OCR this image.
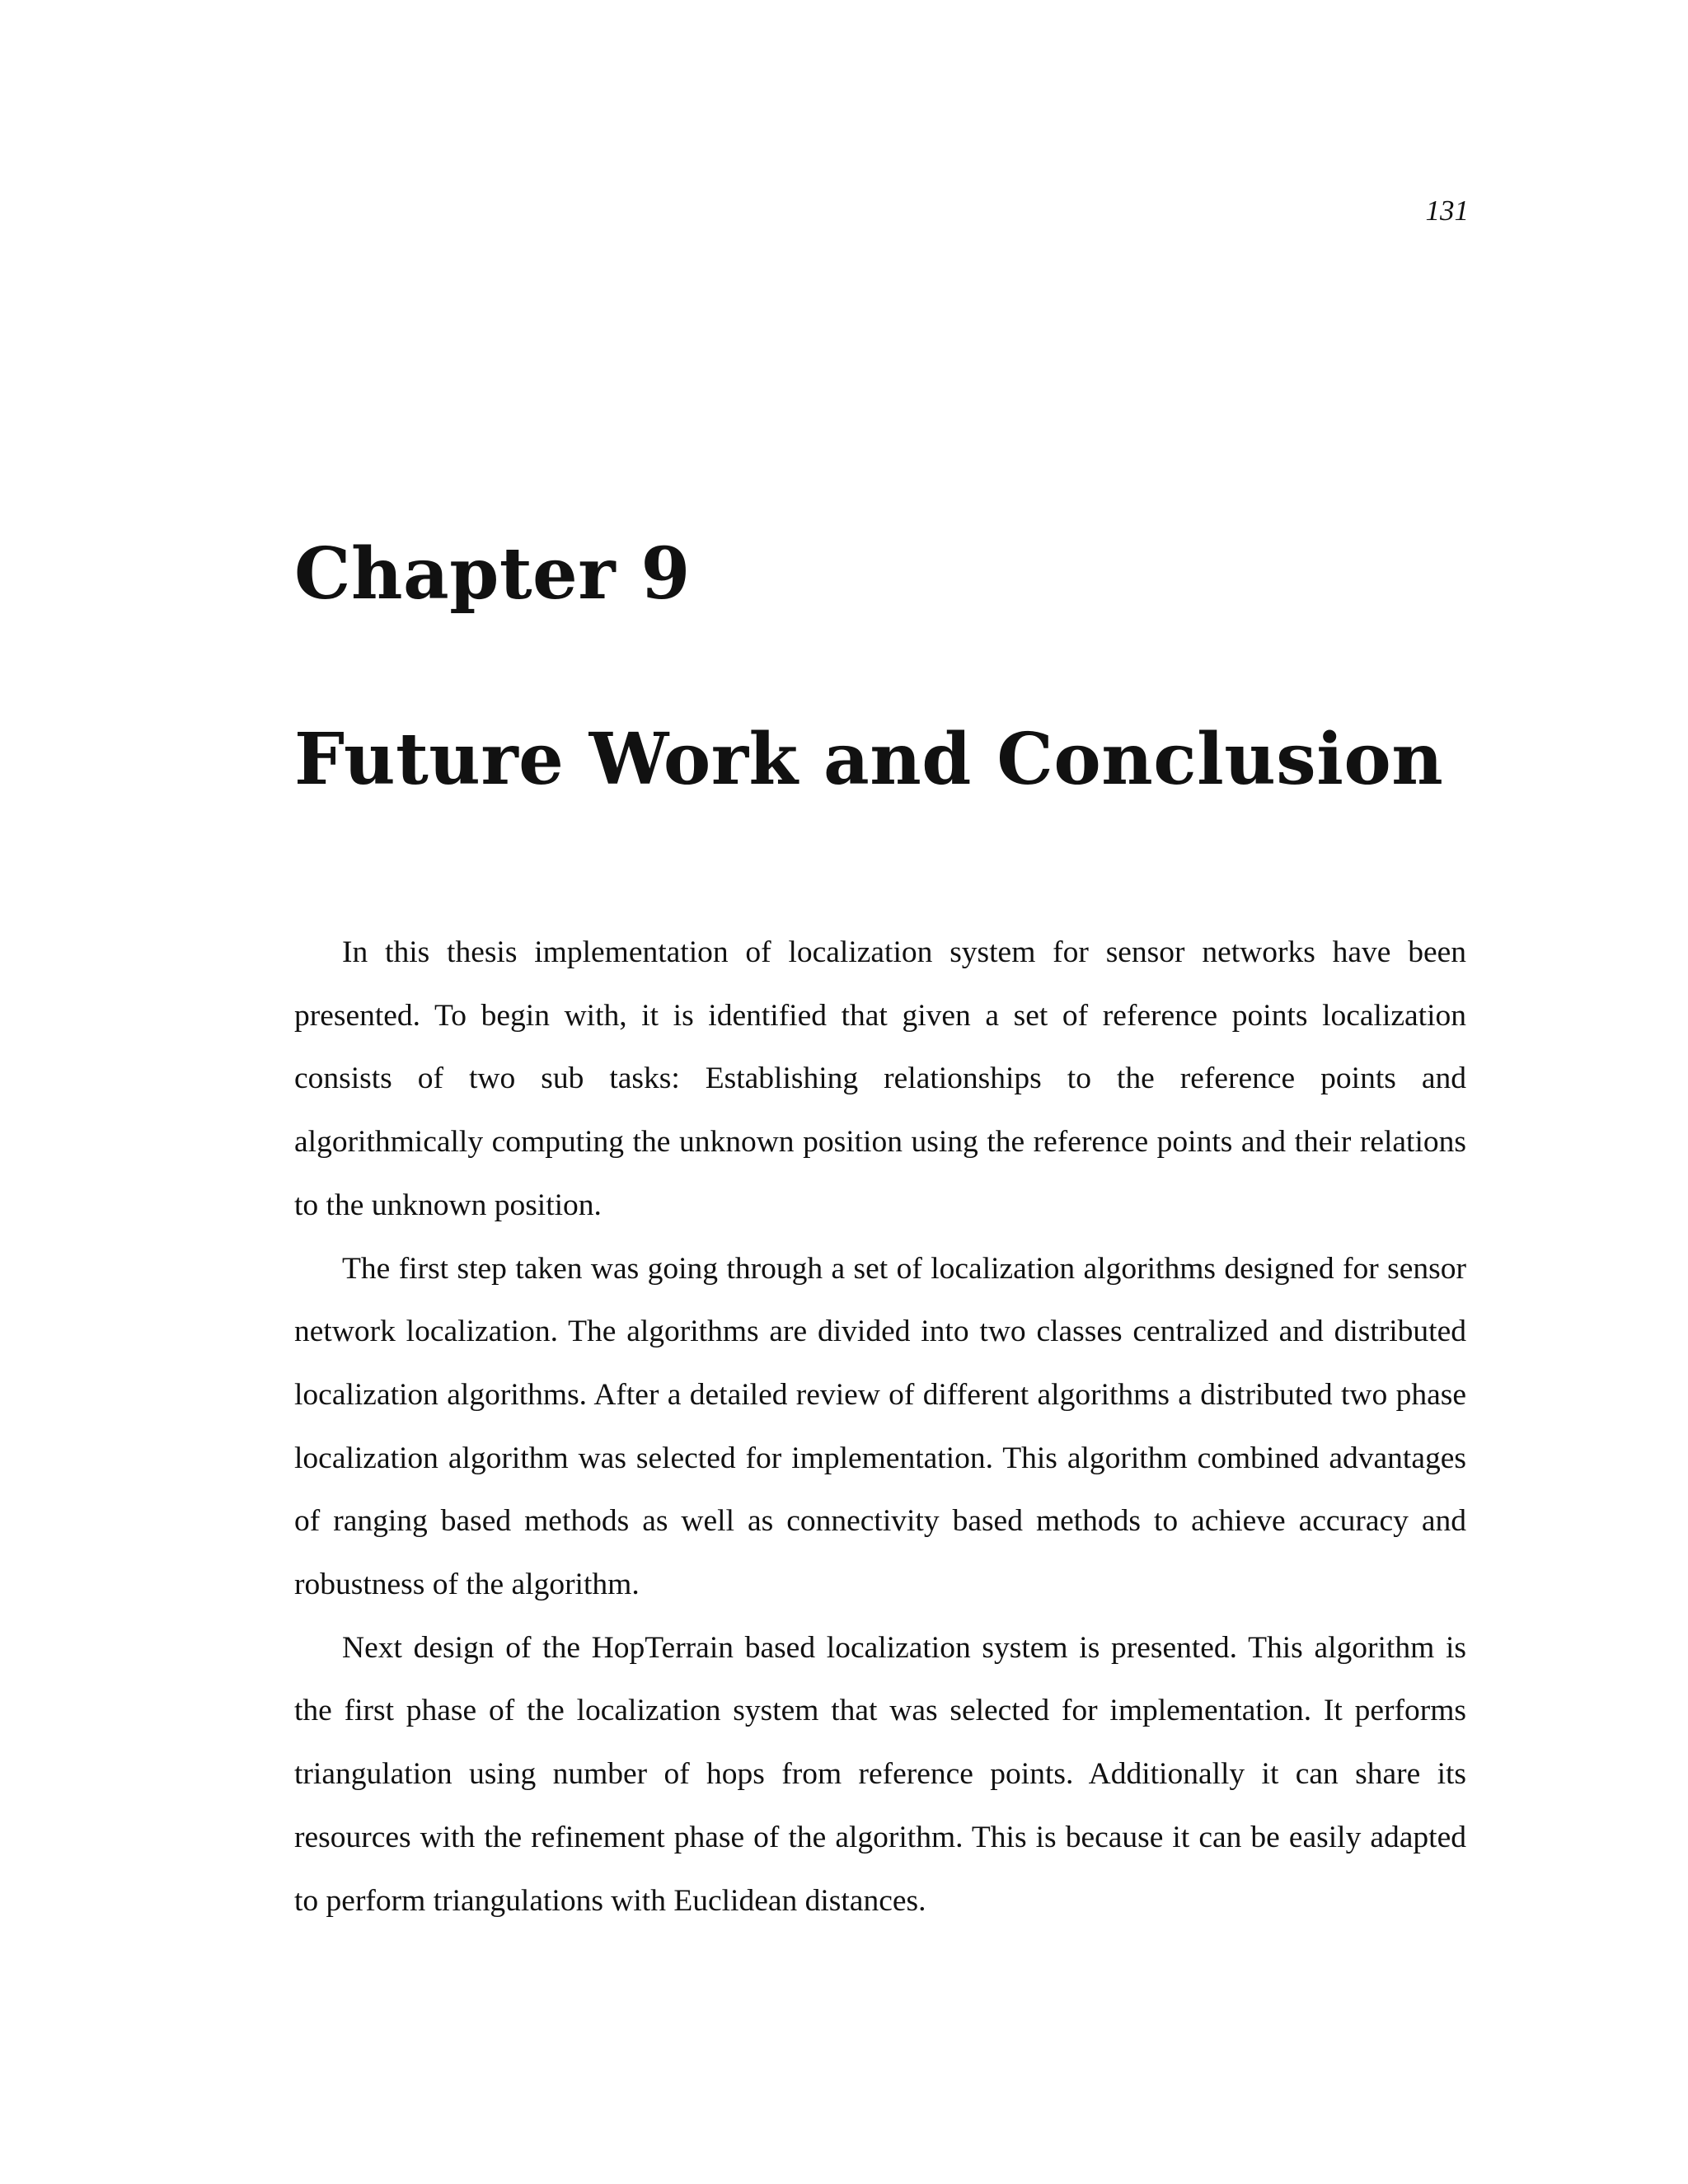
131
Chapter 9
Future Work and Conclusion

In this thesis implementation of localization system for sensor networks have been presented. To begin with, it is identified that given a set of reference points localization consists of two sub tasks: Establishing relationships to the reference points and algorithmically computing the unknown position using the reference points and their relations to the unknown position.

The first step taken was going through a set of localization algorithms designed for sensor network localization. The algorithms are divided into two classes centralized and distributed localization algorithms. After a detailed review of different algorithms a distributed two phase localization algorithm was selected for implementation. This algorithm combined advantages of ranging based methods as well as connectivity based methods to achieve accuracy and robustness of the algorithm.

Next design of the HopTerrain based localization system is presented. This algorithm is the first phase of the localization system that was selected for implementation. It performs triangulation using number of hops from reference points. Additionally it can share its resources with the refinement phase of the algorithm. This is because it can be easily adapted to perform triangulations with Euclidean distances.
